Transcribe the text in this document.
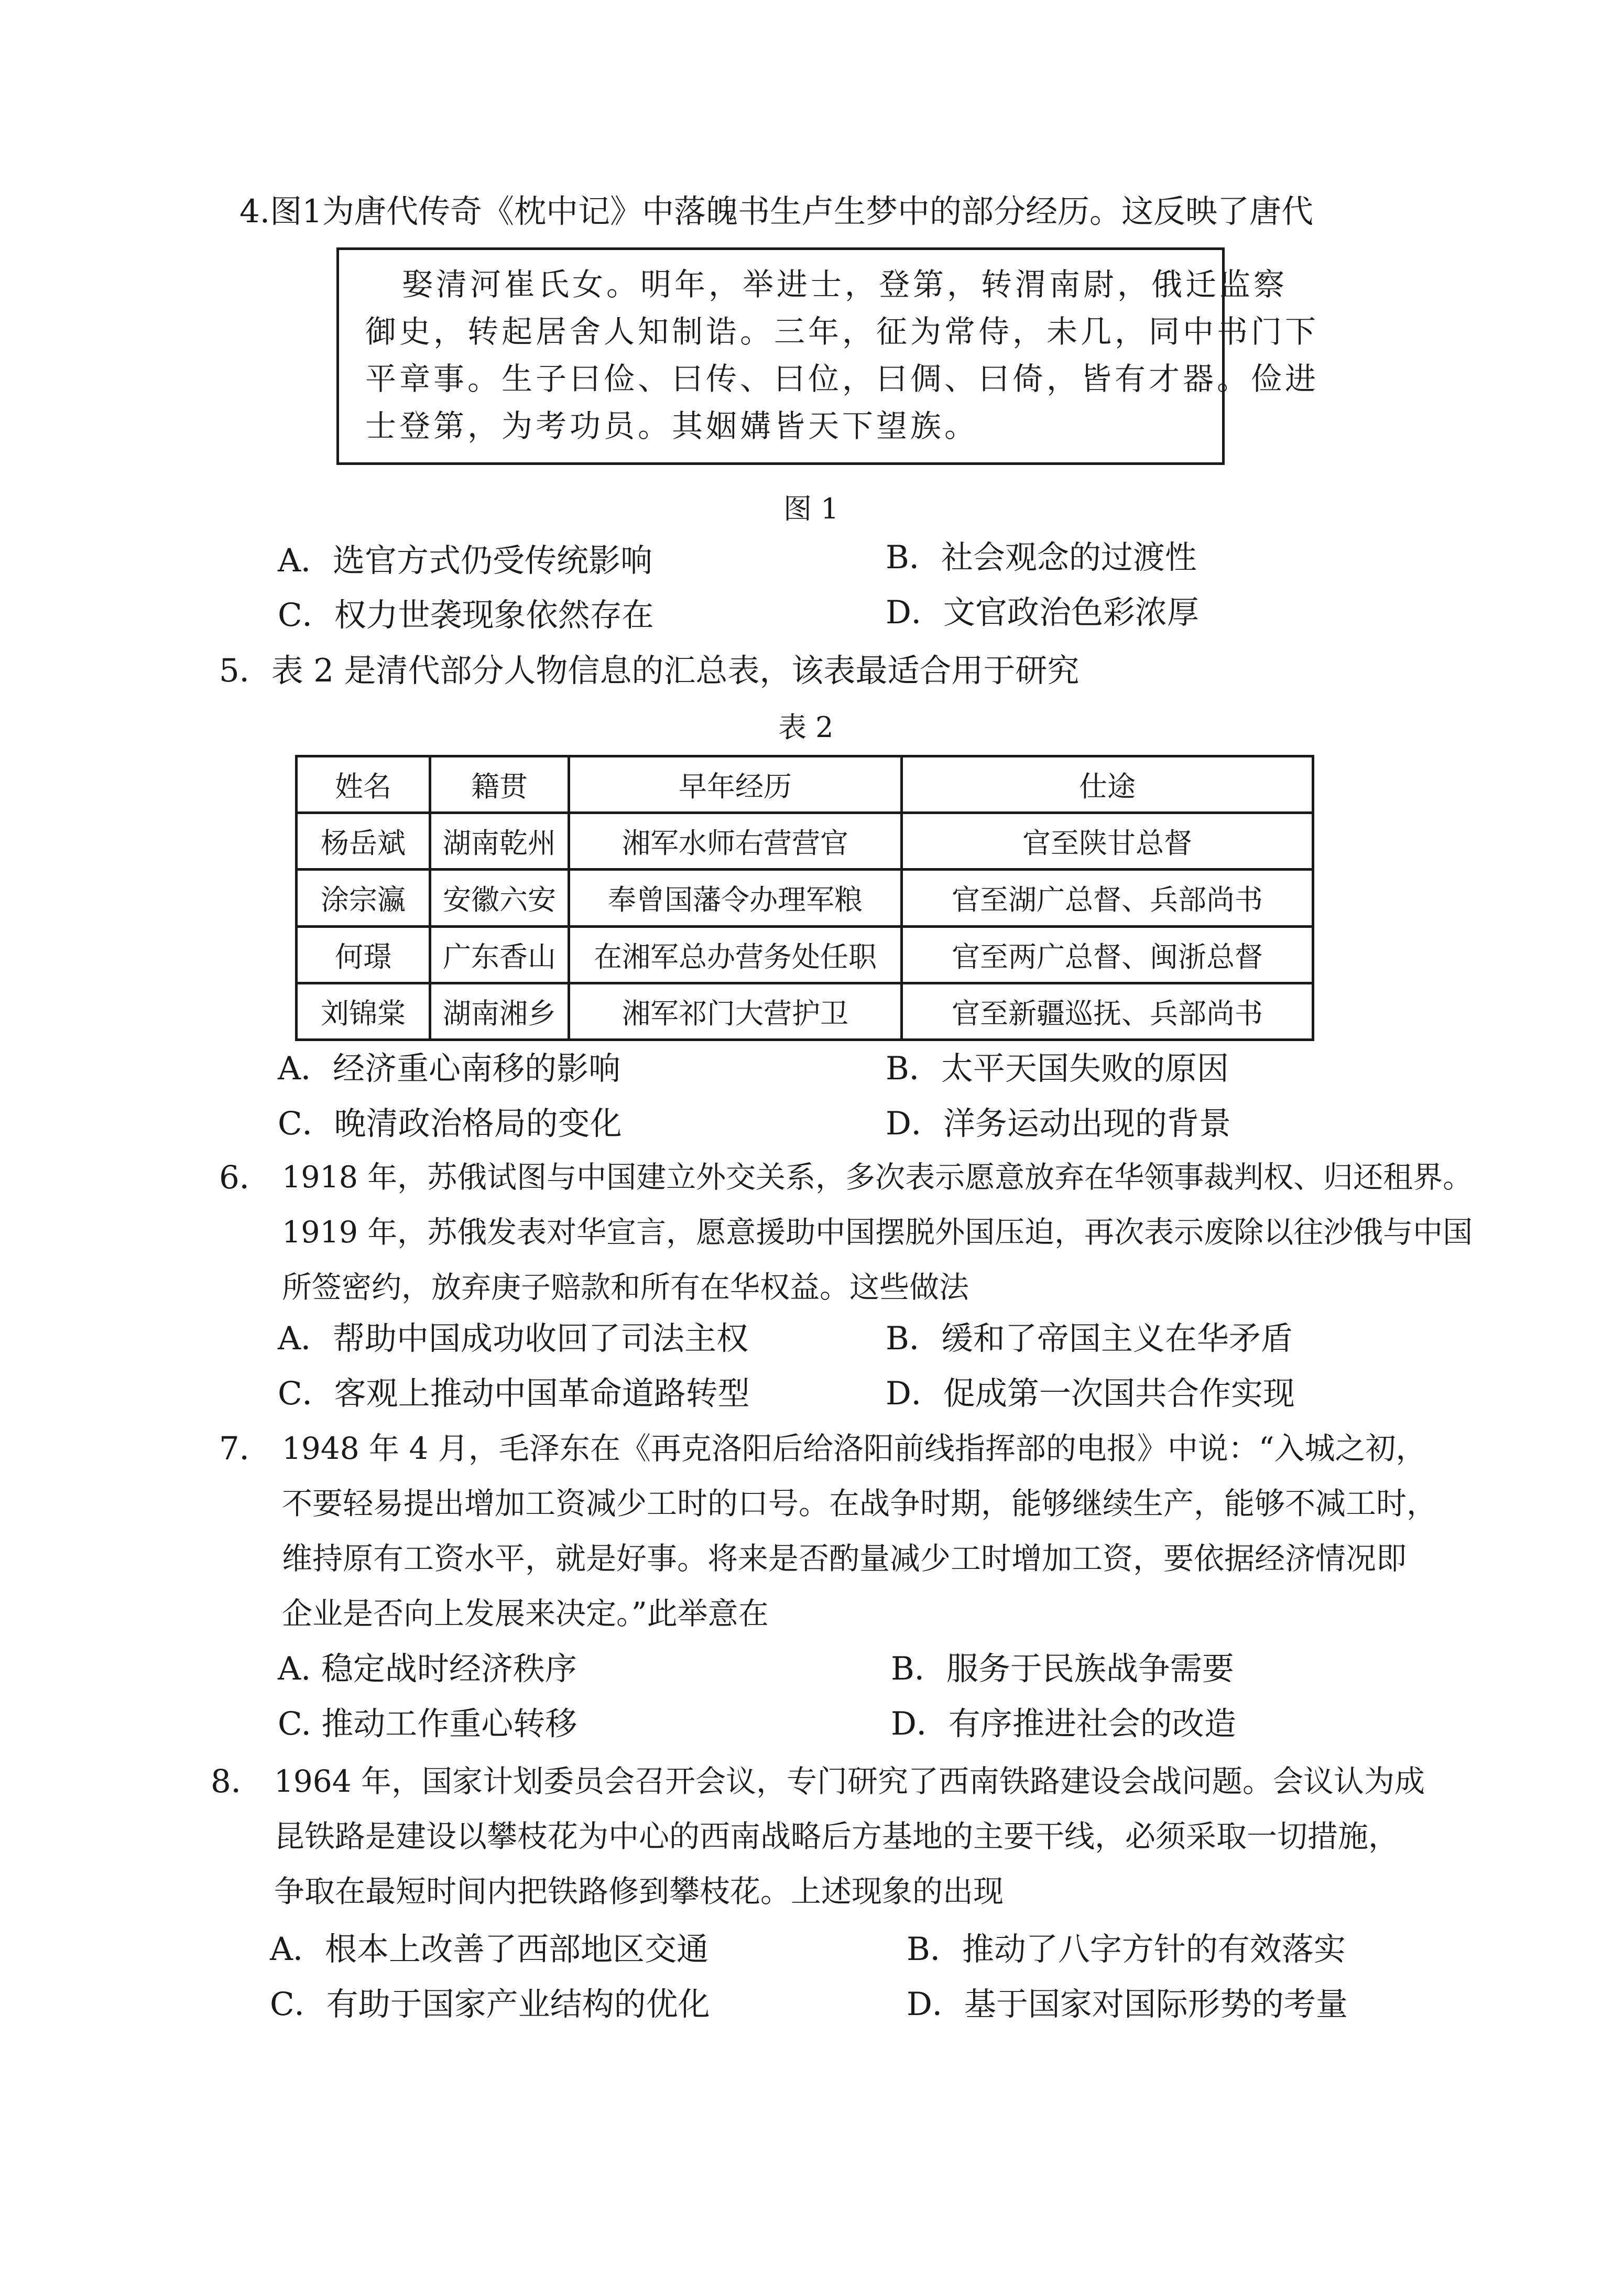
4.图1为唐代传奇《枕中记》中落魄书生卢生梦中的部分经历。这反映了唐代
娶清河崔氏女。明年，举进士，登第，转渭南尉，俄迁监察
御史，转起居舍人知制诰。三年，征为常侍，未几，同中书门下
平章事。生子曰俭、曰传、曰位，曰倜、曰倚，皆有才器。俭进
士登第，为考功员。其姻媾皆天下望族。
图 1
A．选官方式仍受传统影响	B．社会观念的过渡性
C．权力世袭现象依然存在	D．文官政治色彩浓厚
5．表 2 是清代部分人物信息的汇总表，该表最适合用于研究
表 2
姓名	籍贯	早年经历	仕途
杨岳斌	湖南乾州	湘军水师右营营官	官至陕甘总督
涂宗瀛	安徽六安	奉曾国藩令办理军粮	官至湖广总督、兵部尚书
何璟	广东香山	在湘军总办营务处任职	官至两广总督、闽浙总督
刘锦棠	湖南湘乡	湘军祁门大营护卫	官至新疆巡抚、兵部尚书
A．经济重心南移的影响	B．太平天国失败的原因
C．晚清政治格局的变化	D．洋务运动出现的背景
6． 1918 年，苏俄试图与中国建立外交关系，多次表示愿意放弃在华领事裁判权、归还租界。
1919 年，苏俄发表对华宣言，愿意援助中国摆脱外国压迫，再次表示废除以往沙俄与中国
所签密约，放弃庚子赔款和所有在华权益。这些做法
A．帮助中国成功收回了司法主权	B．缓和了帝国主义在华矛盾
C．客观上推动中国革命道路转型	D．促成第一次国共合作实现
7． 1948 年 4 月，毛泽东在《再克洛阳后给洛阳前线指挥部的电报》中说：“入城之初，
不要轻易提出增加工资减少工时的口号。在战争时期，能够继续生产，能够不减工时，
维持原有工资水平，就是好事。将来是否酌量减少工时增加工资，要依据经济情况即
企业是否向上发展来决定。”此举意在
A. 稳定战时经济秩序	B．服务于民族战争需要
C. 推动工作重心转移	D．有序推进社会的改造
8． 1964 年，国家计划委员会召开会议，专门研究了西南铁路建设会战问题。会议认为成
昆铁路是建设以攀枝花为中心的西南战略后方基地的主要干线，必须采取一切措施，
争取在最短时间内把铁路修到攀枝花。上述现象的出现
A．根本上改善了西部地区交通	B．推动了八字方针的有效落实
C．有助于国家产业结构的优化	D．基于国家对国际形势的考量
